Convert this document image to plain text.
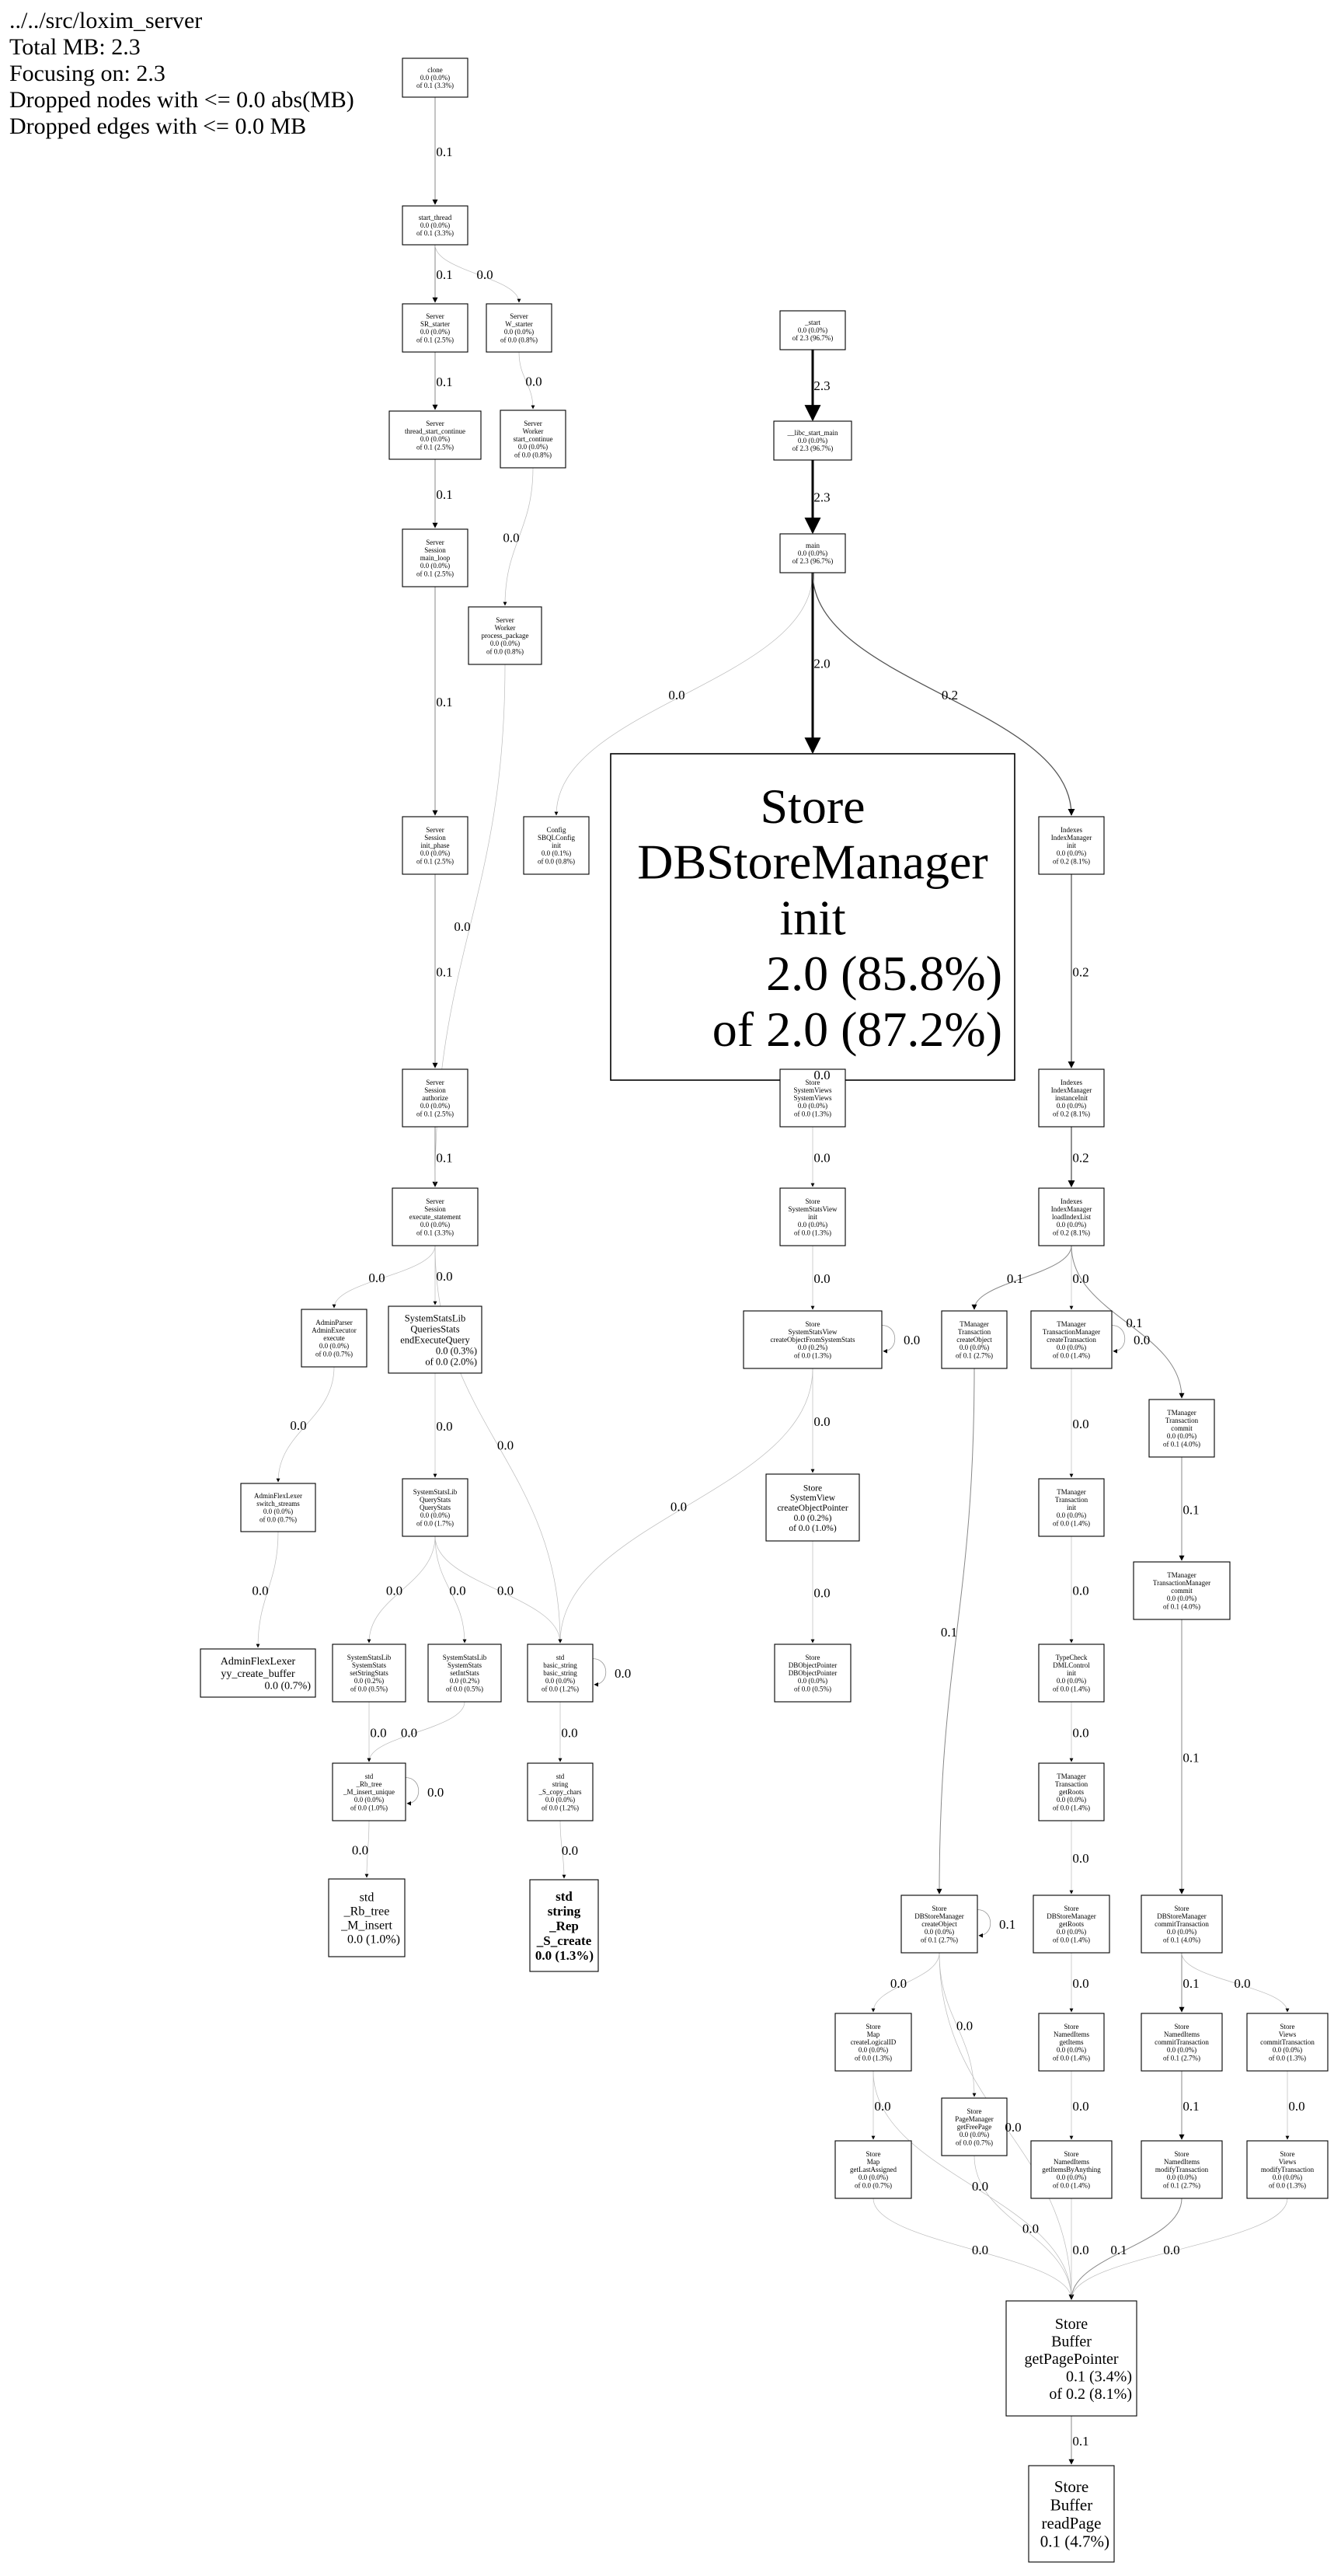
../../src/loxim_server
Total MB: 2.3
Focusing on: 2.3
Dropped nodes with <= 0.0 abs(MB)
Dropped edges with <= 0.0 MB
clone
0.0 (0.0%)
of 0.1 (3.3%)
start_thread
0.0 (0.0%)
of 0.1 (3.3%)
Server
SR_starter
0.0 (0.0%)
of 0.1 (2.5%)
Server
W_starter
0.0 (0.0%)
of 0.0 (0.8%)
Server
thread_start_continue
0.0 (0.0%)
of 0.1 (2.5%)
Server
Worker
start_continue
0.0 (0.0%)
of 0.0 (0.8%)
Server
Session
main_loop
0.0 (0.0%)
of 0.1 (2.5%)
Server
Worker
process_package
0.0 (0.0%)
of 0.0 (0.8%)
Server
Session
init_phase
0.0 (0.0%)
of 0.1 (2.5%)
Config
SBQLConfig
init
0.0 (0.1%)
of 0.0 (0.8%)
Server
Session
authorize
0.0 (0.0%)
of 0.1 (2.5%)
Server
Session
execute_statement
0.0 (0.0%)
of 0.1 (3.3%)
AdminParser
AdminExecutor
execute
0.0 (0.0%)
of 0.0 (0.7%)
SystemStatsLib
QueriesStats
endExecuteQuery
0.0 (0.3%)
of 0.0 (2.0%)
AdminFlexLexer
switch_streams
0.0 (0.0%)
of 0.0 (0.7%)
SystemStatsLib
QueryStats
QueryStats
0.0 (0.0%)
of 0.0 (1.7%)
AdminFlexLexer
yy_create_buffer
0.0 (0.7%)
SystemStatsLib
SystemStats
setStringStats
0.0 (0.2%)
of 0.0 (0.5%)
SystemStatsLib
SystemStats
setIntStats
0.0 (0.2%)
of 0.0 (0.5%)
std
basic_string
basic_string
0.0 (0.0%)
of 0.0 (1.2%)
std
_Rb_tree
_M_insert_unique
0.0 (0.0%)
of 0.0 (1.0%)
std
string
_S_copy_chars
0.0 (0.0%)
of 0.0 (1.2%)
std
_Rb_tree
_M_insert
0.0 (1.0%)
std
string
_Rep
_S_create
0.0 (1.3%)
_start
0.0 (0.0%)
of 2.3 (96.7%)
__libc_start_main
0.0 (0.0%)
of 2.3 (96.7%)
main
0.0 (0.0%)
of 2.3 (96.7%)
Store
DBStoreManager
init
2.0 (85.8%)
of 2.0 (87.2%)
Indexes
IndexManager
init
0.0 (0.0%)
of 0.2 (8.1%)
Store
SystemViews
SystemViews
0.0 (0.0%)
of 0.0 (1.3%)
Indexes
IndexManager
instanceInit
0.0 (0.0%)
of 0.2 (8.1%)
Store
SystemStatsView
init
0.0 (0.0%)
of 0.0 (1.3%)
Indexes
IndexManager
loadIndexList
0.0 (0.0%)
of 0.2 (8.1%)
Store
SystemStatsView
createObjectFromSystemStats
0.0 (0.2%)
of 0.0 (1.3%)
TManager
Transaction
createObject
0.0 (0.0%)
of 0.1 (2.7%)
TManager
TransactionManager
createTransaction
0.0 (0.0%)
of 0.0 (1.4%)
TManager
Transaction
commit
0.0 (0.0%)
of 0.1 (4.0%)
Store
SystemView
createObjectPointer
0.0 (0.2%)
of 0.0 (1.0%)
TManager
Transaction
init
0.0 (0.0%)
of 0.0 (1.4%)
TManager
TransactionManager
commit
0.0 (0.0%)
of 0.1 (4.0%)
Store
DBObjectPointer
DBObjectPointer
0.0 (0.0%)
of 0.0 (0.5%)
TypeCheck
DMLControl
init
0.0 (0.0%)
of 0.0 (1.4%)
TManager
Transaction
getRoots
0.0 (0.0%)
of 0.0 (1.4%)
Store
DBStoreManager
createObject
0.0 (0.0%)
of 0.1 (2.7%)
Store
DBStoreManager
getRoots
0.0 (0.0%)
of 0.0 (1.4%)
Store
DBStoreManager
commitTransaction
0.0 (0.0%)
of 0.1 (4.0%)
Store
Map
createLogicalID
0.0 (0.0%)
of 0.0 (1.3%)
Store
NamedItems
getItems
0.0 (0.0%)
of 0.0 (1.4%)
Store
NamedItems
commitTransaction
0.0 (0.0%)
of 0.1 (2.7%)
Store
Views
commitTransaction
0.0 (0.0%)
of 0.0 (1.3%)
Store
PageManager
getFreePage
0.0 (0.0%)
of 0.0 (0.7%)
Store
Map
getLastAssigned
0.0 (0.0%)
of 0.0 (0.7%)
Store
NamedItems
getItemsByAnything
0.0 (0.0%)
of 0.0 (1.4%)
Store
NamedItems
modifyTransaction
0.0 (0.0%)
of 0.1 (2.7%)
Store
Views
modifyTransaction
0.0 (0.0%)
of 0.0 (1.3%)
Store
Buffer
getPagePointer
0.1 (3.4%)
of 0.2 (8.1%)
Store
Buffer
readPage
0.1 (4.7%)
0.1
0.1 0.0
0.1	0.0
0.1
0.0
0.1
0.1
0.1
0.0
0.0	0.0
0.0
0.0	0.0
0.0	0.0	0.0 0.0
0.0 0.0	0.0
0.0	0.0
2.3
2.3
0.0
2.0
0.2
0.0
0.2
0.0	0.2
0.0	0.1	0.0
0.1
0.0
0.0
0.0
0.1
0.0	0.0
0.1
0.0
0.1
0.0
0.0
0.0
0.0
0.0	0.1	0.0
0.0
0.0
0.0	0.1	0.0
0.0
0.0	0.0 0.1	0.0
0.1
0.0	0.0
0.0
0.0
0.1
